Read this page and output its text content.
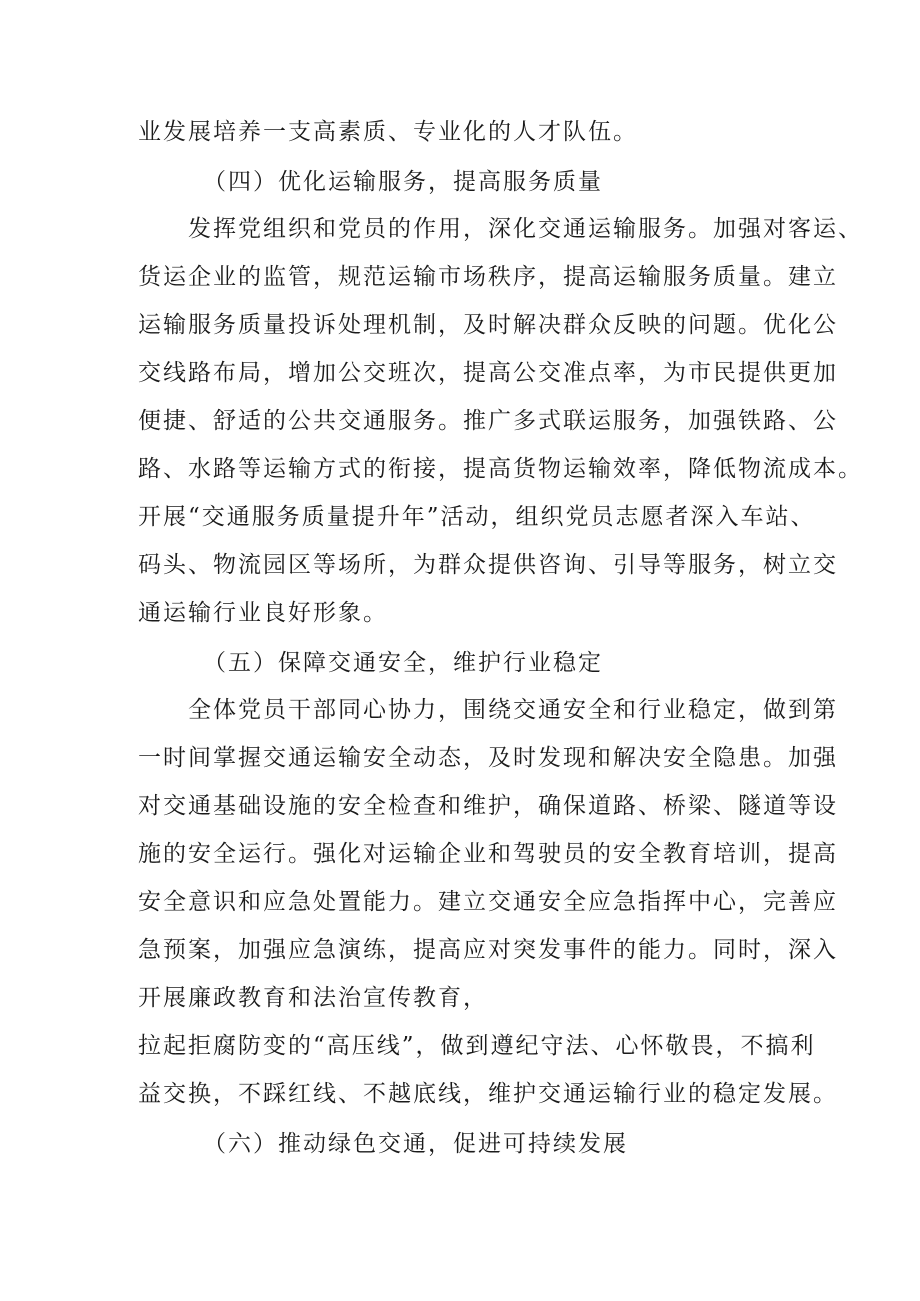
业发展培养一支高素质、专业化的人才队伍。
（四）优化运输服务，提高服务质量
发挥党组织和党员的作用，深化交通运输服务。加强对客运、
货运企业的监管，规范运输市场秩序，提高运输服务质量。建立
运输服务质量投诉处理机制，及时解决群众反映的问题。优化公
交线路布局，增加公交班次，提高公交准点率，为市民提供更加
便捷、舒适的公共交通服务。推广多式联运服务，加强铁路、公
路、水路等运输方式的衔接，提高货物运输效率，降低物流成本。
开展“交通服务质量提升年”活动，组织党员志愿者深入车站、
码头、物流园区等场所，为群众提供咨询、引导等服务，树立交
通运输行业良好形象。
（五）保障交通安全，维护行业稳定
全体党员干部同心协力，围绕交通安全和行业稳定，做到第
一时间掌握交通运输安全动态，及时发现和解决安全隐患。加强
对交通基础设施的安全检查和维护，确保道路、桥梁、隧道等设
施的安全运行。强化对运输企业和驾驶员的安全教育培训，提高
安全意识和应急处置能力。建立交通安全应急指挥中心，完善应
急预案，加强应急演练，提高应对突发事件的能力。同时，深入
开展廉政教育和法治宣传教育，
拉起拒腐防变的“高压线”，做到遵纪守法、心怀敬畏，不搞利
益交换，不踩红线、不越底线，维护交通运输行业的稳定发展。
（六）推动绿色交通，促进可持续发展
